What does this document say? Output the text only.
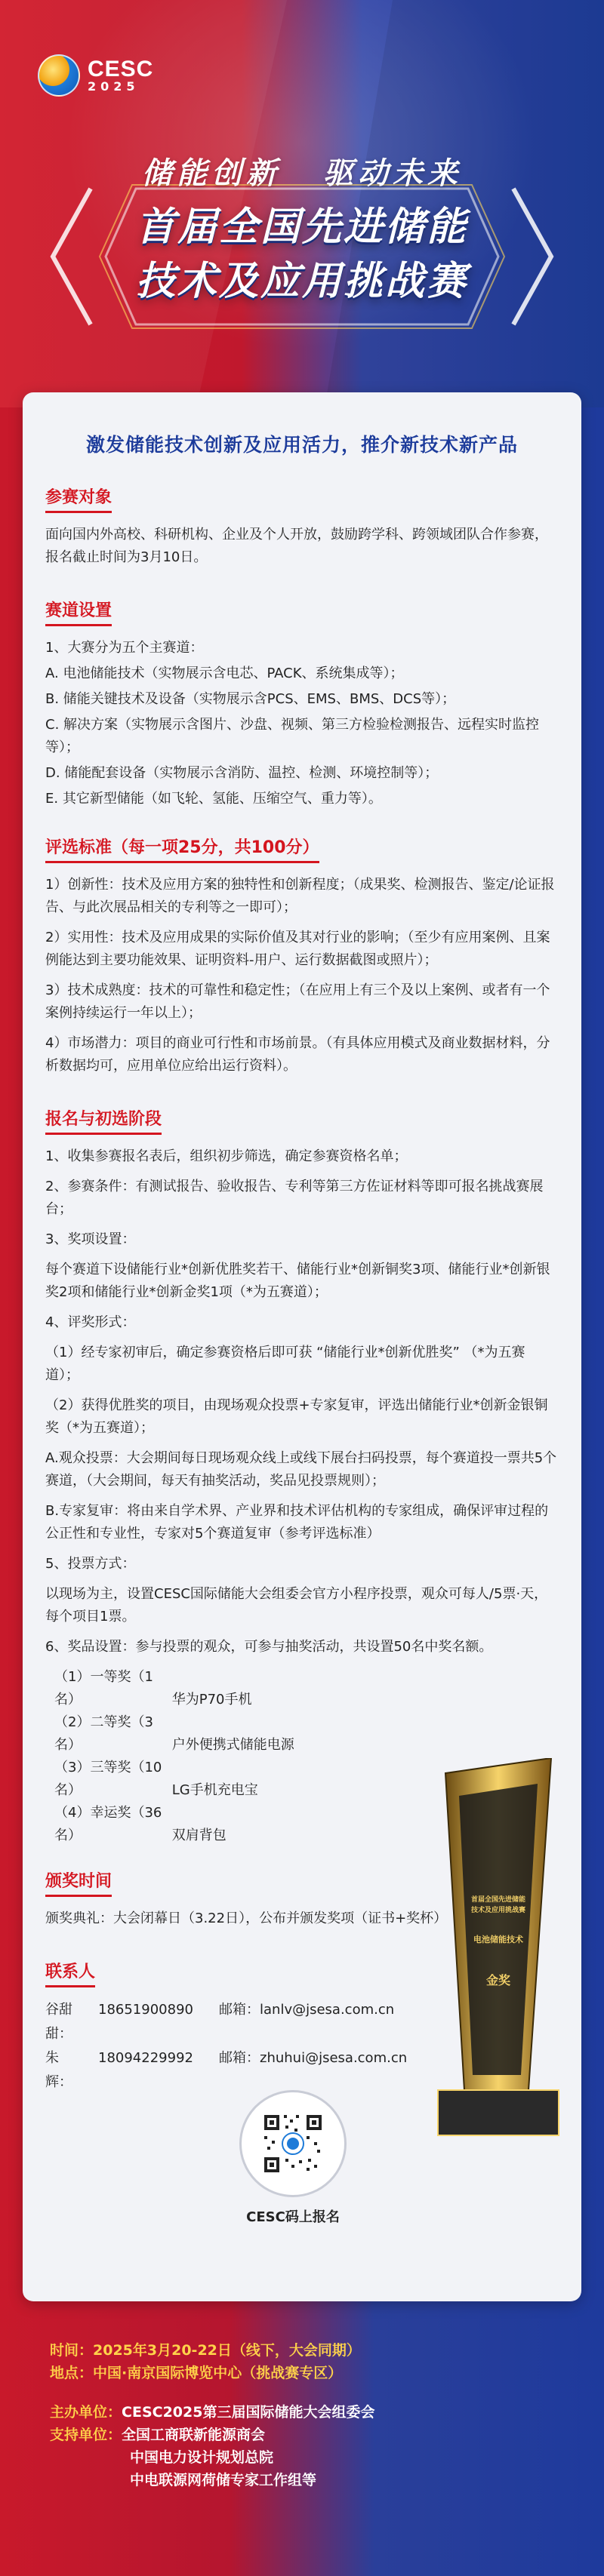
CESC
2025
储能创新 驱动未来
首届全国先进储能
技术及应用挑战赛
激发储能技术创新及应用活力，推介新技术新产品
参赛对象
面向国内外高校、科研机构、企业及个人开放，鼓励跨学科、跨领域团队合作参赛，报名截止时间为3月10日。
赛道设置
1、大赛分为五个主赛道：
A. 电池储能技术（实物展示含电芯、PACK、系统集成等）；
B. 储能关键技术及设备（实物展示含PCS、EMS、BMS、DCS等）；
C. 解决方案（实物展示含图片、沙盘、视频、第三方检验检测报告、远程实时监控等）；
D. 储能配套设备（实物展示含消防、温控、检测、环境控制等）；
E. 其它新型储能（如飞轮、氢能、压缩空气、重力等）。
评选标准（每一项25分，共100分）
1）创新性：技术及应用方案的独特性和创新程度；（成果奖、检测报告、鉴定/论证报告、与此次展品相关的专利等之一即可）；
2）实用性：技术及应用成果的实际价值及其对行业的影响；（至少有应用案例、且案例能达到主要功能效果、证明资料-用户、运行数据截图或照片）；
3）技术成熟度：技术的可靠性和稳定性；（在应用上有三个及以上案例、或者有一个案例持续运行一年以上）；
4）市场潜力：项目的商业可行性和市场前景。（有具体应用模式及商业数据材料，分析数据均可，应用单位应给出运行资料）。
报名与初选阶段
1、收集参赛报名表后，组织初步筛选，确定参赛资格名单；
2、参赛条件：有测试报告、验收报告、专利等第三方佐证材料等即可报名挑战赛展台；
3、奖项设置：
每个赛道下设储能行业*创新优胜奖若干、储能行业*创新铜奖3项、储能行业*创新银奖2项和储能行业*创新金奖1项（*为五赛道）；
4、评奖形式：
（1）经专家初审后，确定参赛资格后即可获 “储能行业*创新优胜奖” （*为五赛道）；
（2）获得优胜奖的项目，由现场观众投票+专家复审，评选出储能行业*创新金银铜奖（*为五赛道）；
A.观众投票：大会期间每日现场观众线上或线下展台扫码投票，每个赛道投一票共5个赛道，（大会期间，每天有抽奖活动，奖品见投票规则）；
B.专家复审：将由来自学术界、产业界和技术评估机构的专家组成，确保评审过程的公正性和专业性，专家对5个赛道复审（参考评选标准）
5、投票方式：
以现场为主，设置CESC国际储能大会组委会官方小程序投票，观众可每人/5票·天，每个项目1票。
6、奖品设置：参与投票的观众，可参与抽奖活动，共设置50名中奖名额。
（1）一等奖（1名）	华为P70手机
（2）二等奖（3名）	户外便携式储能电源
（3）三等奖（10名）	LG手机充电宝
（4）幸运奖（36名）	双肩背包
颁奖时间
颁奖典礼：大会闭幕日（3.22日），公布并颁发奖项（证书+奖杯）
联系人
谷甜甜：
18651900890	邮箱： lanlv@jsesa.com.cn
朱　辉：
18094229992	邮箱： zhuhui@jsesa.com.cn
CESC码上报名
首届全国先进储能
技术及应用挑战赛
电池储能技术
金奖
时间： 2025年3月20-22日（线下，大会同期）
地点： 中国·南京国际博览中心（挑战赛专区）
主办单位： CESC2025第三届国际储能大会组委会
支持单位： 全国工商联新能源商会
中国电力设计规划总院
中电联源网荷储专家工作组等
